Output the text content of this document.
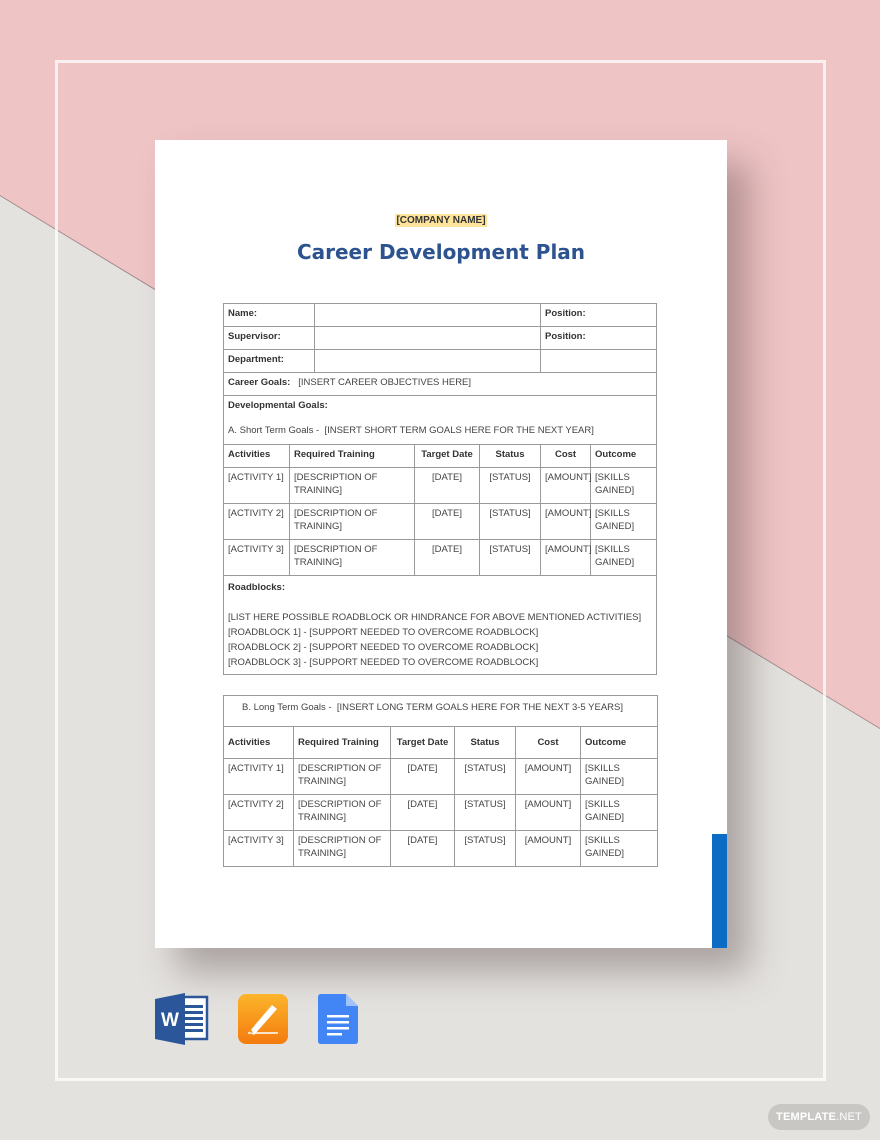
[COMPANY NAME]
Career Development Plan
Name:					Position:	
Supervisor:					Position:	
Department:						
Career Goals: [INSERT CAREER OBJECTIVES HERE]						

Developmental Goals:
A. Short Term Goals - [INSERT SHORT TERM GOALS HERE FOR THE NEXT YEAR]						

Activities	Required Training		Target Date	Status	Cost	Outcome
[ACTIVITY 1]	[DESCRIPTION OF TRAINING]		[DATE]	[STATUS]	[AMOUNT]	[SKILLS GAINED]
[ACTIVITY 2]	[DESCRIPTION OF TRAINING]		[DATE]	[STATUS]	[AMOUNT]	[SKILLS GAINED]
[ACTIVITY 3]	[DESCRIPTION OF TRAINING]		[DATE]	[STATUS]	[AMOUNT]	[SKILLS GAINED]

Roadblocks:
[LIST HERE POSSIBLE ROADBLOCK OR HINDRANCE FOR ABOVE MENTIONED ACTIVITIES]
[ROADBLOCK 1] - [SUPPORT NEEDED TO OVERCOME ROADBLOCK]
[ROADBLOCK 2] - [SUPPORT NEEDED TO OVERCOME ROADBLOCK]
[ROADBLOCK 3] - [SUPPORT NEEDED TO OVERCOME ROADBLOCK]						
B. Long Term Goals - [INSERT LONG TERM GOALS HERE FOR THE NEXT 3-5 YEARS]					
Activities	Required Training	Target Date	Status	Cost	Outcome
[ACTIVITY 1]	[DESCRIPTION OF TRAINING]	[DATE]	[STATUS]	[AMOUNT]	[SKILLS GAINED]
[ACTIVITY 2]	[DESCRIPTION OF TRAINING]	[DATE]	[STATUS]	[AMOUNT]	[SKILLS GAINED]
[ACTIVITY 3]	[DESCRIPTION OF TRAINING]	[DATE]	[STATUS]	[AMOUNT]	[SKILLS GAINED]
W
TEMPLATE.NET
